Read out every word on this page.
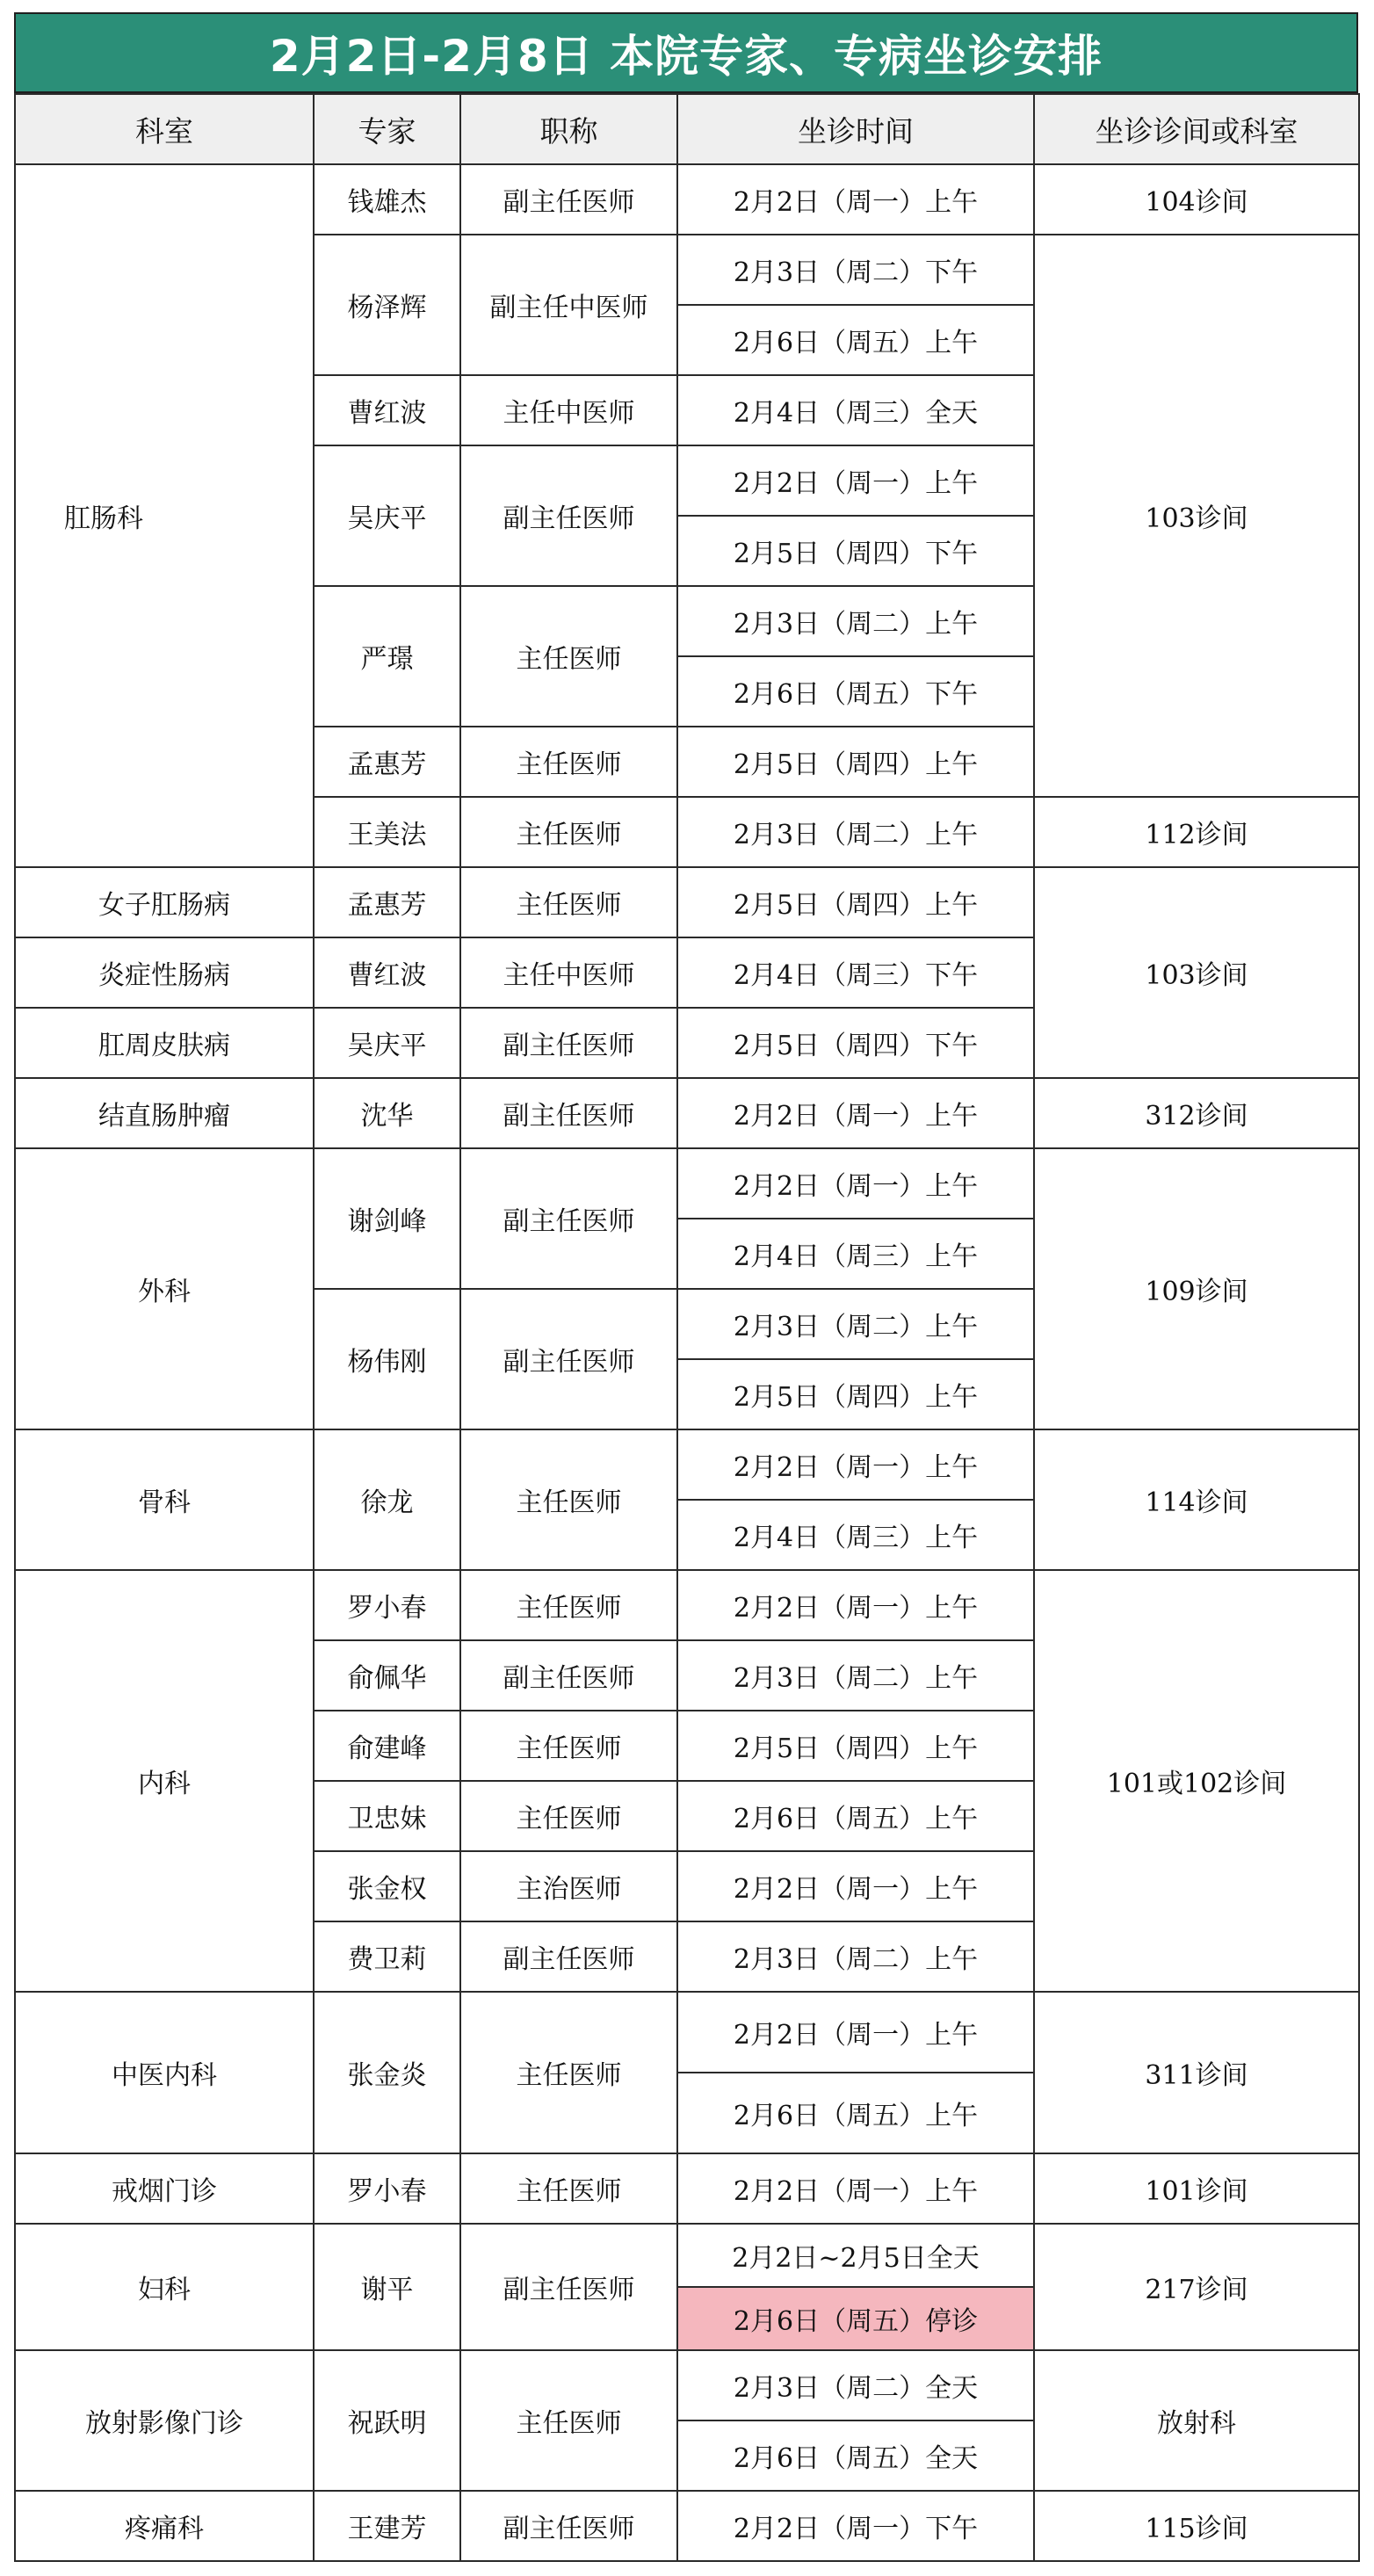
2月2日-2月8日 本院专家、专病坐诊安排
科室	专家	职称	坐诊时间	坐诊诊间或科室
肛肠科	钱雄杰	副主任医师	2月2日（周一）上午	104诊间
	杨泽辉	副主任中医师	2月3日（周二）下午	103诊间
			2月6日（周五）上午	
	曹红波	主任中医师	2月4日（周三）全天	
	吴庆平	副主任医师	2月2日（周一）上午	
			2月5日（周四）下午	
	严璟	主任医师	2月3日（周二）上午	
			2月6日（周五）下午	
	孟惠芳	主任医师	2月5日（周四）上午	
	王美法	主任医师	2月3日（周二）上午	112诊间
女子肛肠病	孟惠芳	主任医师	2月5日（周四）上午	103诊间
炎症性肠病	曹红波	主任中医师	2月4日（周三）下午	
肛周皮肤病	吴庆平	副主任医师	2月5日（周四）下午	
结直肠肿瘤	沈华	副主任医师	2月2日（周一）上午	312诊间
外科	谢剑峰	副主任医师	2月2日（周一）上午	109诊间
			2月4日（周三）上午	
	杨伟刚	副主任医师	2月3日（周二）上午	
			2月5日（周四）上午	
骨科	徐龙	主任医师	2月2日（周一）上午	114诊间
			2月4日（周三）上午	
内科	罗小春	主任医师	2月2日（周一）上午	101或102诊间
	俞佩华	副主任医师	2月3日（周二）上午	
	俞建峰	主任医师	2月5日（周四）上午	
	卫忠妹	主任医师	2月6日（周五）上午	
	张金权	主治医师	2月2日（周一）上午	
	费卫莉	副主任医师	2月3日（周二）上午	
中医内科	张金炎	主任医师	2月2日（周一）上午	311诊间
			2月6日（周五）上午	
戒烟门诊	罗小春	主任医师	2月2日（周一）上午	101诊间
妇科	谢平	副主任医师	2月2日~2月5日全天	217诊间
			2月6日（周五）停诊	
放射影像门诊	祝跃明	主任医师	2月3日（周二）全天	放射科
			2月6日（周五）全天	
疼痛科	王建芳	副主任医师	2月2日（周一）下午	115诊间
